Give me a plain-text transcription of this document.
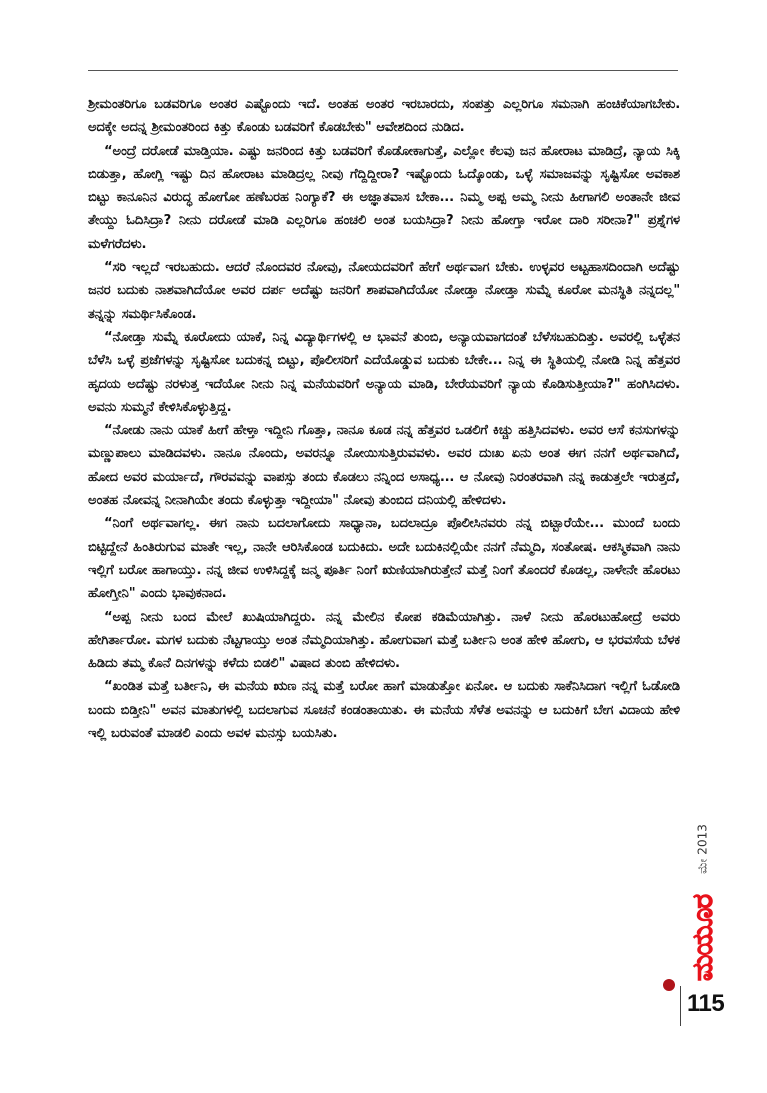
ಶ್ರೀಮಂತರಿಗೂ ಬಡವರಿಗೂ ಅಂತರ ಎಷ್ಟೊಂದು ಇದೆ. ಅಂತಹ ಅಂತರ ಇರಬಾರದು, ಸಂಪತ್ತು ಎಲ್ಲರಿಗೂ ಸಮನಾಗಿ ಹಂಚಿಕೆಯಾಗಬೇಕು. ಅದಕ್ಕೇ ಅದನ್ನ ಶ್ರೀಮಂತರಿಂದ ಕಿತ್ತು ಕೊಂಡು ಬಡವರಿಗೆ ಕೊಡಬೇಕು" ಆವೇಶದಿಂದ ನುಡಿದ.

“ಅಂದ್ರೆ ದರೋಡೆ ಮಾಡ್ತಿಯಾ. ಎಷ್ಟು ಜನರಿಂದ ಕಿತ್ತು ಬಡವರಿಗೆ ಕೊಡೋಕಾಗುತ್ತೆ, ಎಲ್ಲೋ ಕೆಲವು ಜನ ಹೋರಾಟ ಮಾಡಿದ್ರೆ, ನ್ಯಾಯ ಸಿಕ್ಕಿ ಬಿಡುತ್ತಾ, ಹೋಗ್ಲಿ ಇಷ್ಟು ದಿನ ಹೋರಾಟ ಮಾಡಿದ್ರಲ್ಲ ನೀವು ಗೆದ್ದಿದ್ದೀರಾ? ಇಷ್ಟೊಂದು ಓದ್ಕೊಂಡು, ಒಳ್ಳೆ ಸಮಾಜವನ್ನು ಸೃಷ್ಟಿಸೋ ಅವಕಾಶ ಬಿಟ್ಟು ಕಾನೂನಿನ ವಿರುದ್ಧ ಹೋಗೋ ಹಣೆಬರಹ ನಿಂಗ್ಯಾಕೆ? ಈ ಅಜ್ಞಾತವಾಸ ಬೇಕಾ... ನಿಮ್ಮ ಅಪ್ಪ ಅಮ್ಮ ನೀನು ಹೀಗಾಗಲಿ ಅಂತಾನೇ ಜೀವ ತೇಯ್ದು ಓದಿಸಿದ್ರಾ? ನೀನು ದರೋಡೆ ಮಾಡಿ ಎಲ್ಲರಿಗೂ ಹಂಚಲಿ ಅಂತ ಬಯಸಿದ್ರಾ? ನೀನು ಹೋಗ್ತಾ ಇರೋ ದಾರಿ ಸರೀನಾ?" ಪ್ರಶ್ನೆಗಳ ಮಳೆಗರೆದಳು.

“ಸರಿ ಇಲ್ಲದೆ ಇರಬಹುದು. ಆದರೆ ನೊಂದವರ ನೋವು, ನೋಯದವರಿಗೆ ಹೇಗೆ ಅರ್ಥವಾಗ ಬೇಕು. ಉಳ್ಳವರ ಅಟ್ಟಹಾಸದಿಂದಾಗಿ ಅದೆಷ್ಟು ಜನರ ಬದುಕು ನಾಶವಾಗಿದೆಯೋ ಅವರ ದರ್ಪ ಅದೆಷ್ಟು ಜನರಿಗೆ ಶಾಪವಾಗಿದೆಯೋ ನೋಡ್ತಾ ನೋಡ್ತಾ ಸುಮ್ನೆ ಕೂರೋ ಮನಸ್ಥಿತಿ ನನ್ನದಲ್ಲ" ತನ್ನನ್ನು ಸಮರ್ಥಿಸಿಕೊಂಡ.

“ನೋಡ್ತಾ ಸುಮ್ನೆ ಕೂರೋದು ಯಾಕೆ, ನಿನ್ನ ವಿದ್ಯಾರ್ಥಿಗಳಲ್ಲಿ ಆ ಭಾವನೆ ತುಂಬಿ, ಅನ್ಯಾಯವಾಗದಂತೆ ಬೆಳೆಸಬಹುದಿತ್ತು. ಅವರಲ್ಲಿ ಒಳ್ಳೆತನ ಬೆಳೆಸಿ ಒಳ್ಳೆ ಪ್ರಜೆಗಳನ್ನು ಸೃಷ್ಟಿಸೋ ಬದುಕನ್ನ ಬಿಟ್ಟು, ಪೊಲೀಸರಿಗೆ ಎದೆಯೊಡ್ಡುವ ಬದುಕು ಬೇಕೇ... ನಿನ್ನ ಈ ಸ್ಥಿತಿಯಲ್ಲಿ ನೋಡಿ ನಿನ್ನ ಹೆತ್ತವರ ಹೃದಯ ಅದೆಷ್ಟು ನರಳುತ್ತ ಇದೆಯೋ ನೀನು ನಿನ್ನ ಮನೆಯವರಿಗೆ ಅನ್ಯಾಯ ಮಾಡಿ, ಬೇರೆಯವರಿಗೆ ನ್ಯಾಯ ಕೊಡಿಸುತ್ತೀಯಾ?" ಹಂಗಿಸಿದಳು. ಅವನು ಸುಮ್ಮನೆ ಕೇಳಿಸಿಕೊಳ್ಳುತ್ತಿದ್ದ.

“ನೋಡು ನಾನು ಯಾಕೆ ಹೀಗೆ ಹೇಳ್ತಾ ಇದ್ದೀನಿ ಗೊತ್ತಾ, ನಾನೂ ಕೂಡ ನನ್ನ ಹೆತ್ತವರ ಒಡಲಿಗೆ ಕಿಚ್ಚು ಹತ್ತಿಸಿದವಳು. ಅವರ ಆಸೆ ಕನಸುಗಳನ್ನು ಮಣ್ಣುಪಾಲು ಮಾಡಿದವಳು. ನಾನೂ ನೊಂದು, ಅವರನ್ನೂ ನೋಯಿಸುತ್ತಿರುವವಳು. ಅವರ ದುಃಖ ಏನು ಅಂತ ಈಗ ನನಗೆ ಅರ್ಥವಾಗಿದೆ, ಹೋದ ಅವರ ಮರ್ಯಾದೆ, ಗೌರವವನ್ನು ವಾಪಸ್ಸು ತಂದು ಕೊಡಲು ನನ್ನಿಂದ ಅಸಾಧ್ಯ... ಆ ನೋವು ನಿರಂತರವಾಗಿ ನನ್ನ ಕಾಡುತ್ತಲೇ ಇರುತ್ತದೆ, ಅಂತಹ ನೋವನ್ನ ನೀನಾಗಿಯೇ ತಂದು ಕೊಳ್ಳುತ್ತಾ ಇದ್ದೀಯಾ" ನೋವು ತುಂಬಿದ ದನಿಯಲ್ಲಿ ಹೇಳಿದಳು.

“ನಿಂಗೆ ಅರ್ಥವಾಗಲ್ಲ. ಈಗ ನಾನು ಬದಲಾಗೋದು ಸಾಧ್ಯಾನಾ, ಬದಲಾದ್ರೂ ಪೊಲೀಸಿನವರು ನನ್ನ ಬಿಟ್ಬಾರೆಯೇ... ಮುಂದೆ ಬಂದು ಬಿಟ್ಟಿದ್ದೇನೆ ಹಿಂತಿರುಗುವ ಮಾತೇ ಇಲ್ಲ, ನಾನೇ ಆರಿಸಿಕೊಂಡ ಬದುಕಿದು. ಅದೇ ಬದುಕಿನಲ್ಲಿಯೇ ನನಗೆ ನೆಮ್ಮದಿ, ಸಂತೋಷ. ಆಕಸ್ಮಿಕವಾಗಿ ನಾನು ಇಲ್ಲಿಗೆ ಬರೋ ಹಾಗಾಯ್ತು. ನನ್ನ ಜೀವ ಉಳಿಸಿದ್ದಕ್ಕೆ ಜನ್ಮ ಪೂರ್ತಿ ನಿಂಗೆ ಋಣಿಯಾಗಿರುತ್ತೇನೆ ಮತ್ತೆ ನಿಂಗೆ ತೊಂದರೆ ಕೊಡಲ್ಲ, ನಾಳೇನೇ ಹೊರಟು ಹೋಗ್ತೀನಿ" ಎಂದು ಭಾವುಕನಾದ.

“ಅಪ್ಪ ನೀನು ಬಂದ ಮೇಲೆ ಖುಷಿಯಾಗಿದ್ದರು. ನನ್ನ ಮೇಲಿನ ಕೋಪ ಕಡಿಮೆಯಾಗಿತ್ತು. ನಾಳೆ ನೀನು ಹೊರಟುಹೋದ್ರೆ ಅವರು ಹೇಗಿರ್ತಾರೋ. ಮಗಳ ಬದುಕು ನೆಟ್ಟಗಾಯ್ತು ಅಂತ ನೆಮ್ಮದಿಯಾಗಿತ್ತು. ಹೋಗುವಾಗ ಮತ್ತೆ ಬರ್ತೀನಿ ಅಂತ ಹೇಳಿ ಹೋಗು, ಆ ಭರವಸೆಯ ಬೆಳಕ ಹಿಡಿದು ತಮ್ಮ ಕೊನೆ ದಿನಗಳನ್ನು ಕಳೆದು ಬಿಡಲಿ" ವಿಷಾದ ತುಂಬಿ ಹೇಳಿದಳು.

“ಖಂಡಿತ ಮತ್ತೆ ಬರ್ತೀನಿ, ಈ ಮನೆಯ ಋಣ ನನ್ನ ಮತ್ತೆ ಬರೋ ಹಾಗೆ ಮಾಡುತ್ತೋ ಏನೋ. ಆ ಬದುಕು ಸಾಕೆನಿಸಿದಾಗ ಇಲ್ಲಿಗೆ ಓಡೋಡಿ ಬಂದು ಬಿಡ್ತೀನಿ" ಅವನ ಮಾತುಗಳಲ್ಲಿ ಬದಲಾಗುವ ಸೂಚನೆ ಕಂಡಂತಾಯಿತು. ಈ ಮನೆಯ ಸೆಳೆತ ಅವನನ್ನು ಆ ಬದುಕಿಗೆ ಬೇಗ ವಿದಾಯ ಹೇಳಿ ಇಲ್ಲಿ ಬರುವಂತೆ ಮಾಡಲಿ ಎಂದು ಅವಳ ಮನಸ್ಸು ಬಯಸಿತು.

ಮೇ 2013
ಮಯೂರ
115
